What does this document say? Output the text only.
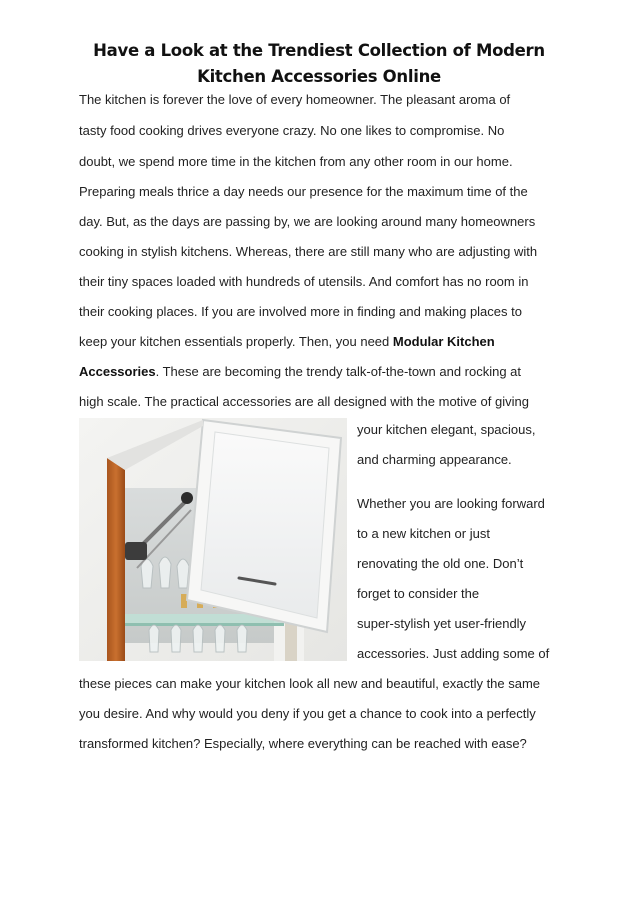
Have a Look at the Trendiest Collection of Modern
Kitchen Accessories Online
The kitchen is forever the love of every homeowner. The pleasant aroma of
tasty food cooking drives everyone crazy. No one likes to compromise. No
doubt, we spend more time in the kitchen from any other room in our home.
Preparing meals thrice a day needs our presence for the maximum time of the
day. But, as the days are passing by, we are looking around many homeowners
cooking in stylish kitchens. Whereas, there are still many who are adjusting with
their tiny spaces loaded with hundreds of utensils. And comfort has no room in
their cooking places. If you are involved more in finding and making places to
keep your kitchen essentials properly. Then, you need Modular Kitchen
Accessories. These are becoming the trendy talk-of-the-town and rocking at
high scale. The practical accessories are all designed with the motive of giving
your kitchen elegant, spacious,
and charming appearance.
Whether you are looking forward
to a new kitchen or just
renovating the old one. Don’t
forget to consider the
super-stylish yet user-friendly
accessories. Just adding some of
these pieces can make your kitchen look all new and beautiful, exactly the same
you desire. And why would you deny if you get a chance to cook into a perfectly
transformed kitchen? Especially, where everything can be reached with ease?
